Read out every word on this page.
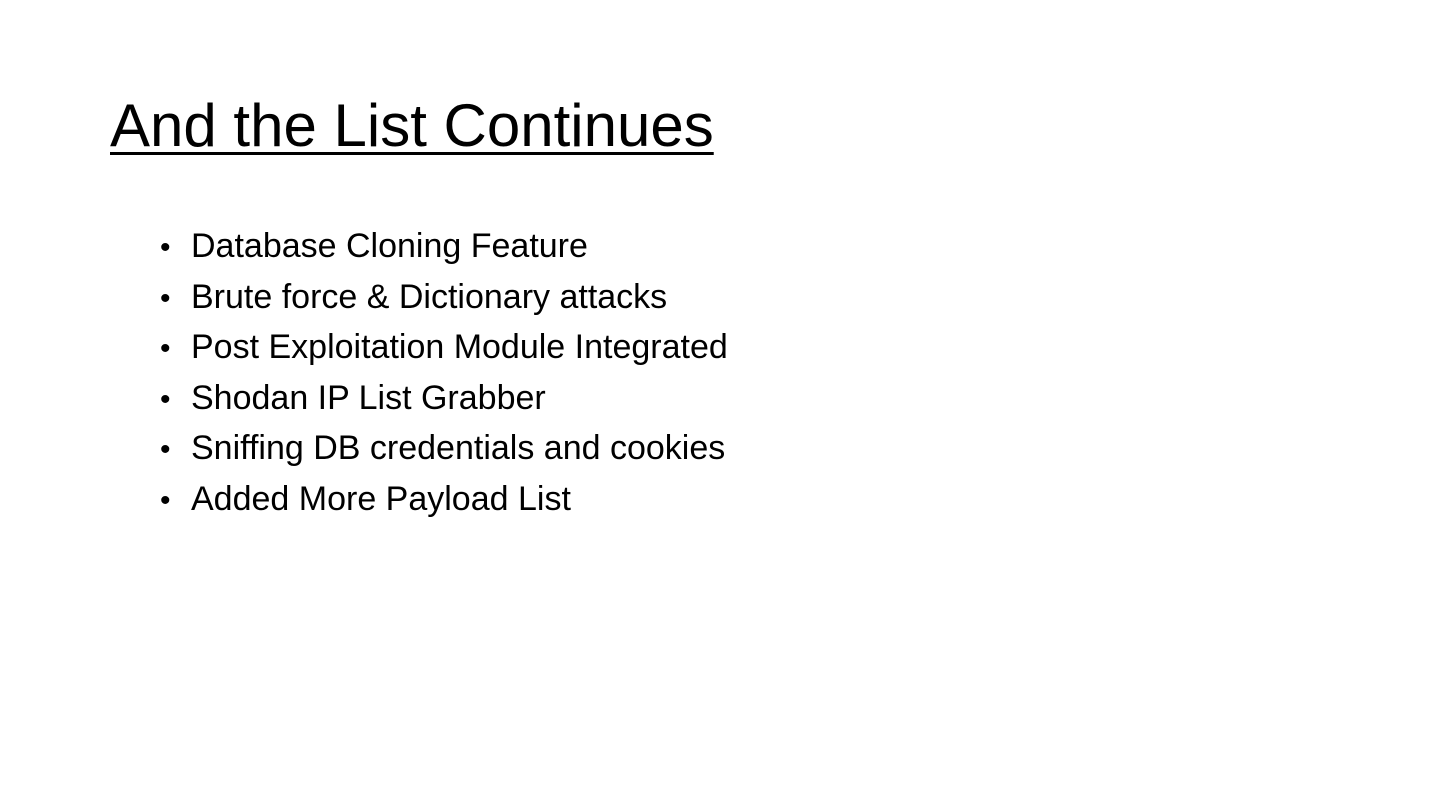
And the List Continues
• Database Cloning Feature
• Brute force & Dictionary attacks
• Post Exploitation Module Integrated
• Shodan IP List Grabber
• Sniffing DB credentials and cookies
• Added More Payload List
